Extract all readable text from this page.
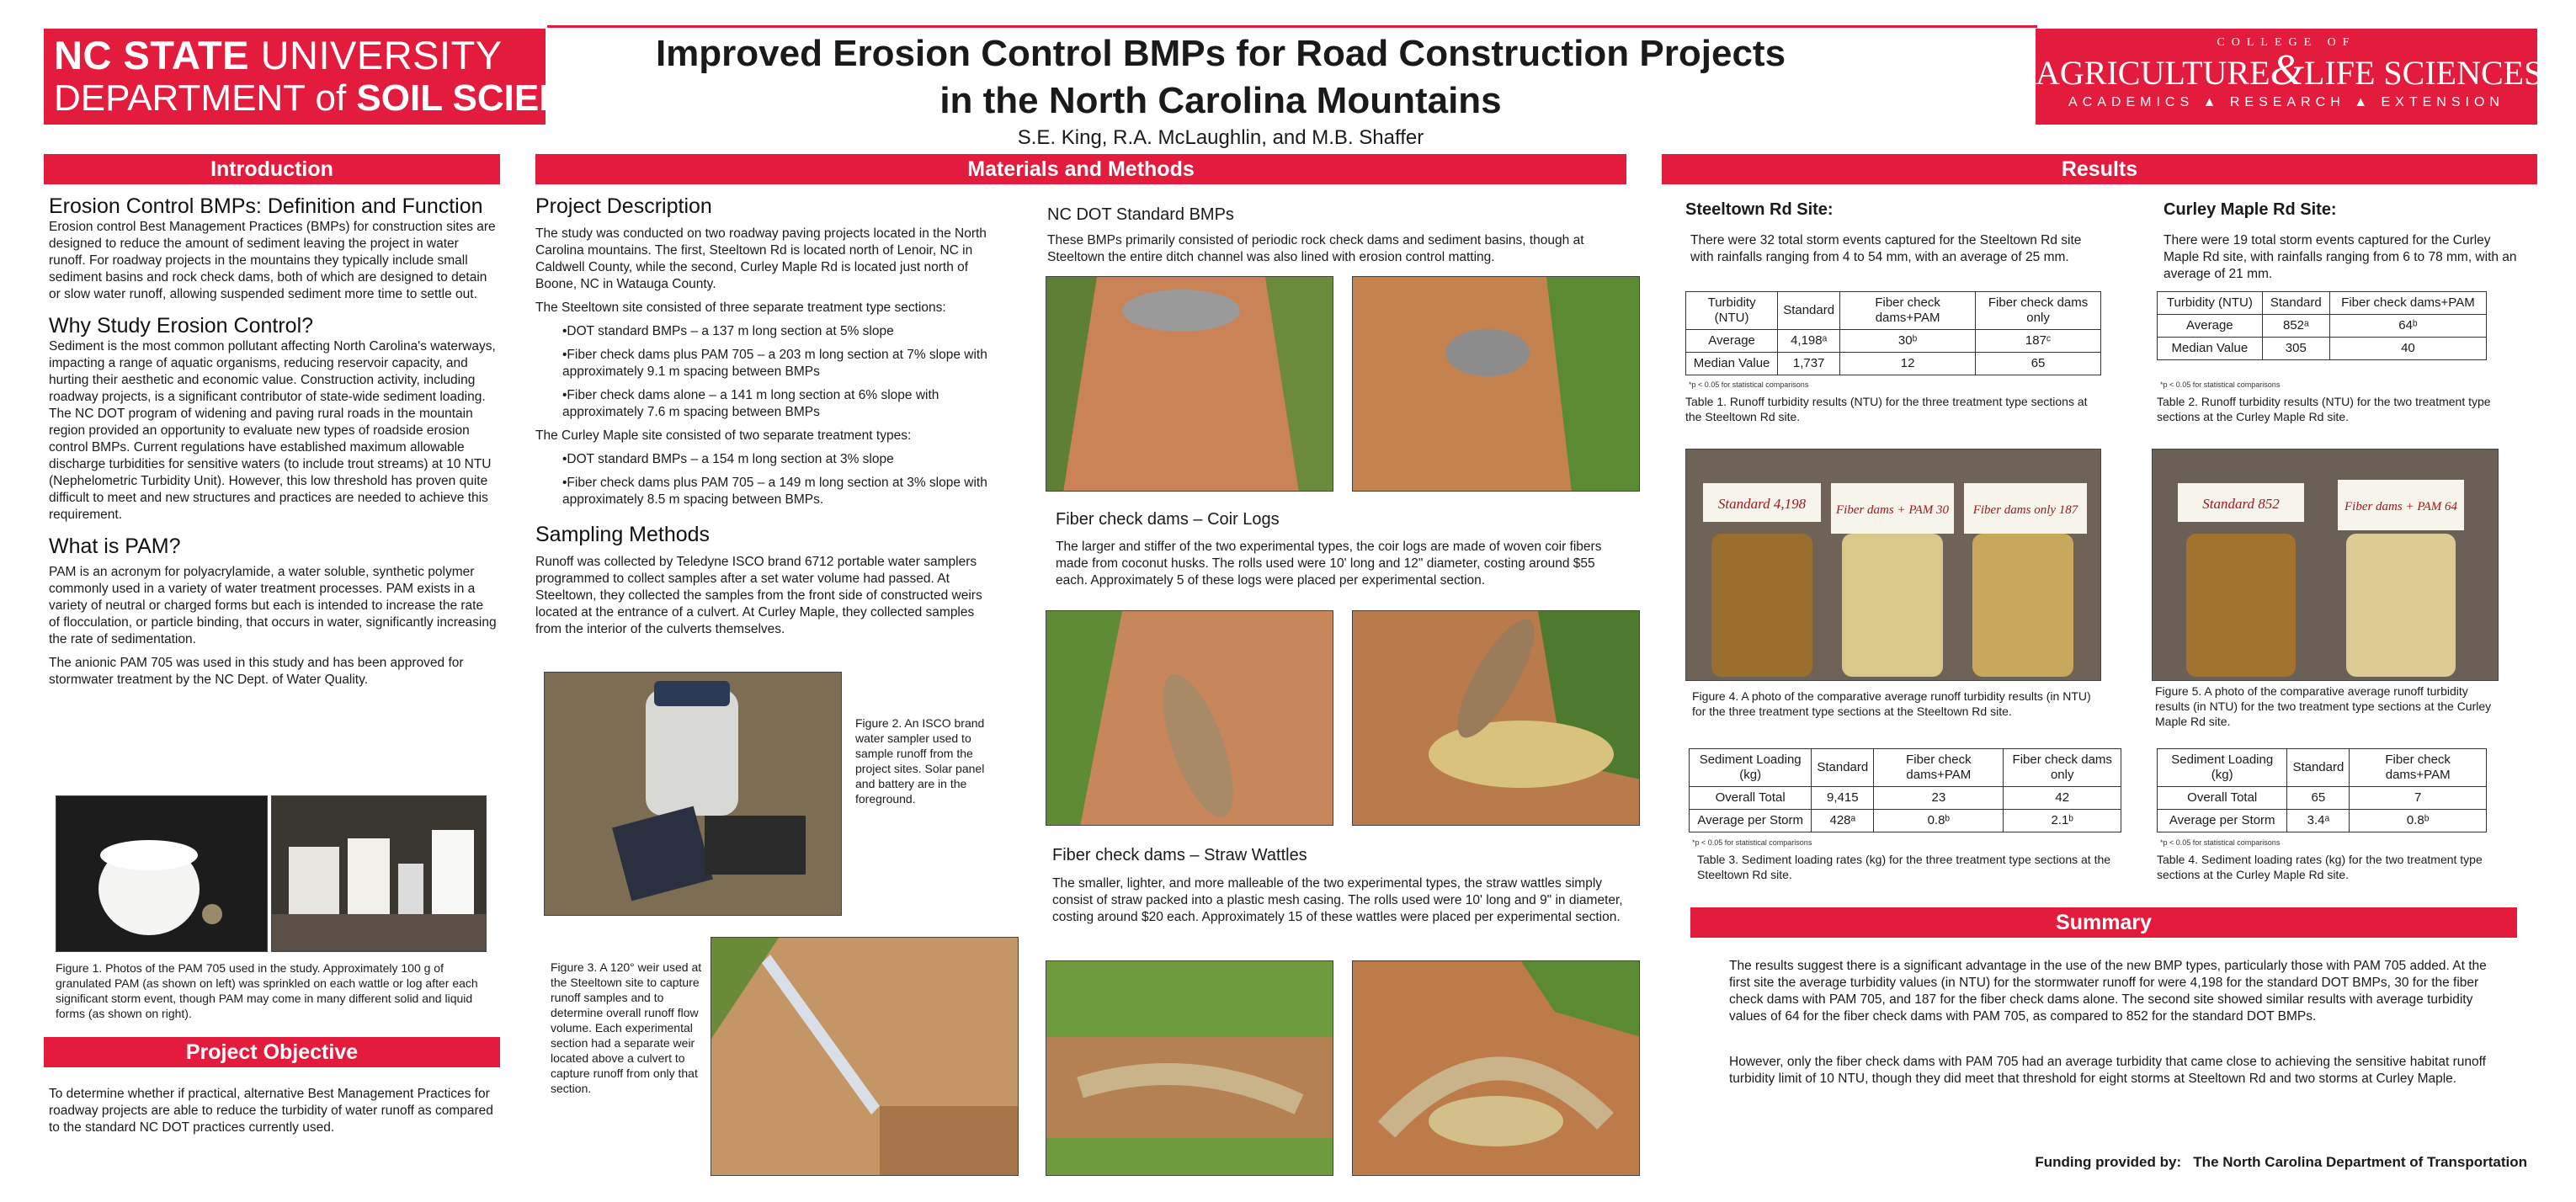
NC STATE UNIVERSITY
DEPARTMENT of SOIL SCIENCE
Improved Erosion Control BMPs for Road Construction Projects
in the North Carolina Mountains
S.E. King, R.A. McLaughlin, and M.B. Shaffer
COLLEGE OF
AGRICULTURE&LIFE SCIENCES
ACADEMICS ▲ RESEARCH ▲ EXTENSION
Introduction
Erosion Control BMPs: Definition and Function
Erosion control Best Management Practices (BMPs) for construction sites are designed to reduce the amount of sediment leaving the project in water runoff. For roadway projects in the mountains they typically include small sediment basins and rock check dams, both of which are designed to detain or slow water runoff, allowing suspended sediment more time to settle out.
Why Study Erosion Control?
Sediment is the most common pollutant affecting North Carolina's waterways, impacting a range of aquatic organisms, reducing reservoir capacity, and hurting their aesthetic and economic value. Construction activity, including roadway projects, is a significant contributor of state-wide sediment loading. The NC DOT program of widening and paving rural roads in the mountain region provided an opportunity to evaluate new types of roadside erosion control BMPs. Current regulations have established maximum allowable discharge turbidities for sensitive waters (to include trout streams) at 10 NTU (Nephelometric Turbidity Unit). However, this low threshold has proven quite difficult to meet and new structures and practices are needed to achieve this requirement.
What is PAM?
PAM is an acronym for polyacrylamide, a water soluble, synthetic polymer commonly used in a variety of water treatment processes. PAM exists in a variety of neutral or charged forms but each is intended to increase the rate of flocculation, or particle binding, that occurs in water, significantly increasing the rate of sedimentation.
The anionic PAM 705 was used in this study and has been approved for stormwater treatment by the NC Dept. of Water Quality.
Figure 1. Photos of the PAM 705 used in the study. Approximately 100 g of granulated PAM (as shown on left) was sprinkled on each wattle or log after each significant storm event, though PAM may come in many different solid and liquid forms (as shown on right).
Project Objective
To determine whether if practical, alternative Best Management Practices for roadway projects are able to reduce the turbidity of water runoff as compared to the standard NC DOT practices currently used.
Materials and Methods
Project Description
The study was conducted on two roadway paving projects located in the North Carolina mountains. The first, Steeltown Rd is located north of Lenoir, NC in Caldwell County, while the second, Curley Maple Rd is located just north of Boone, NC in Watauga County.
The Steeltown site consisted of three separate treatment type sections:
•DOT standard BMPs – a 137 m long section at 5% slope
•Fiber check dams plus PAM 705 – a 203 m long section at 7% slope with approximately 9.1 m spacing between BMPs
•Fiber check dams alone – a 141 m long section at 6% slope with approximately 7.6 m spacing between BMPs
The Curley Maple site consisted of two separate treatment types:
•DOT standard BMPs – a 154 m long section at 3% slope
•Fiber check dams plus PAM 705 – a 149 m long section at 3% slope with approximately 8.5 m spacing between BMPs.
Sampling Methods
Runoff was collected by Teledyne ISCO brand 6712 portable water samplers programmed to collect samples after a set water volume had passed. At Steeltown, they collected the samples from the front side of constructed weirs located at the entrance of a culvert. At Curley Maple, they collected samples from the interior of the culverts themselves.
Figure 2. An ISCO brand water sampler used to sample runoff from the project sites. Solar panel and battery are in the foreground.
Figure 3. A 120° weir used at the Steeltown site to capture runoff samples and to determine overall runoff flow volume. Each experimental section had a separate weir located above a culvert to capture runoff from only that section.
NC DOT Standard BMPs
These BMPs primarily consisted of periodic rock check dams and sediment basins, though at Steeltown the entire ditch channel was also lined with erosion control matting.
Fiber check dams – Coir Logs
The larger and stiffer of the two experimental types, the coir logs are made of woven coir fibers made from coconut husks. The rolls used were 10' long and 12" diameter, costing around $55 each. Approximately 5 of these logs were placed per experimental section.
Fiber check dams – Straw Wattles
The smaller, lighter, and more malleable of the two experimental types, the straw wattles simply consist of straw packed into a plastic mesh casing. The rolls used were 10' long and 9" in diameter, costing around $20 each. Approximately 15 of these wattles were placed per experimental section.
Results
Steeltown Rd Site:
There were 32 total storm events captured for the Steeltown Rd site with rainfalls ranging from 4 to 54 mm, with an average of 25 mm.
Curley Maple Rd Site:
There were 19 total storm events captured for the Curley Maple Rd site, with rainfalls ranging from 6 to 78 mm, with an average of 21 mm.
Turbidity (NTU)	Standard	Fiber check dams+PAM	Fiber check dams only
Average	4,198ᵃ	30ᵇ	187ᶜ
Median Value	1,737	12	65
*p < 0.05 for statistical comparisons
Table 1. Runoff turbidity results (NTU) for the three treatment type sections at the Steeltown Rd site.
Turbidity (NTU)	Standard	Fiber check dams+PAM
Average	852ᵃ	64ᵇ
Median Value	305	40
*p < 0.05 for statistical comparisons
Table 2. Runoff turbidity results (NTU) for the two treatment type sections at the Curley Maple Rd site.
Standard 4,198 Fiber dams + PAM 30 Fiber dams only 187
Figure 4. A photo of the comparative average runoff turbidity results (in NTU) for the three treatment type sections at the Steeltown Rd site.
Standard 852	Fiber dams + PAM 64
Figure 5. A photo of the comparative average runoff turbidity results (in NTU) for the two treatment type sections at the Curley Maple Rd site.
Sediment Loading (kg)	Standard	Fiber check dams+PAM	Fiber check dams only
Overall Total	9,415	23	42
Average per Storm	428ᵃ	0.8ᵇ	2.1ᵇ
*p < 0.05 for statistical comparisons
Table 3. Sediment loading rates (kg) for the three treatment type sections at the Steeltown Rd site.
Sediment Loading (kg)	Standard	Fiber check dams+PAM
Overall Total	65	7
Average per Storm	3.4ᵃ	0.8ᵇ
*p < 0.05 for statistical comparisons
Table 4. Sediment loading rates (kg) for the two treatment type sections at the Curley Maple Rd site.
Summary
The results suggest there is a significant advantage in the use of the new BMP types, particularly those with PAM 705 added. At the first site the average turbidity values (in NTU) for the stormwater runoff for were 4,198 for the standard DOT BMPs, 30 for the fiber check dams with PAM 705, and 187 for the fiber check dams alone. The second site showed similar results with average turbidity values of 64 for the fiber check dams with PAM 705, as compared to 852 for the standard DOT BMPs.
However, only the fiber check dams with PAM 705 had an average turbidity that came close to achieving the sensitive habitat runoff turbidity limit of 10 NTU, though they did meet that threshold for eight storms at Steeltown Rd and two storms at Curley Maple.
Funding provided by: The North Carolina Department of Transportation
